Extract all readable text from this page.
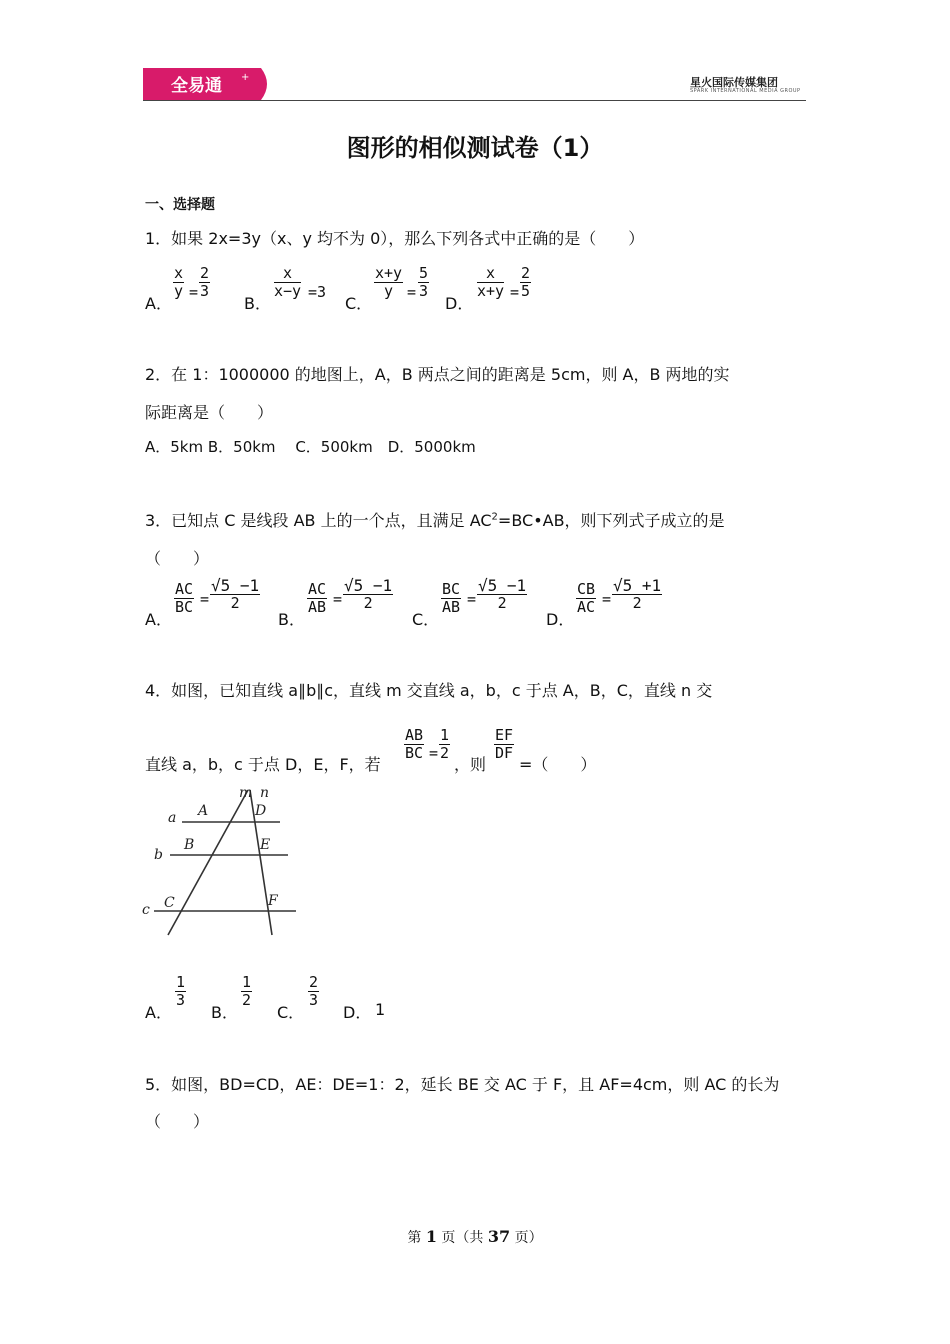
全易通 +	星火国际传媒集团
SPARK INTERNATIONAL MEDIA GROUP
图形的相似测试卷（1）
一、选择题
1．如果 2x=3y（x、y 均不为 0），那么下列各式中正确的是（　　）
A．
$\frac{x}{y} = \frac{2}{3}$
B．
$\frac{x}{x-y} =3$
C．
$\frac{x+y}{y} = \frac{5}{3}$
D．
$\frac{x}{x+y} = \frac{2}{5}$
2．在 1：1000000 的地图上，A，B 两点之间的距离是 5cm，则 A，B 两地的实
际距离是（　　）
A．5km B．50km　 C．500km　D．5000km
3．已知点 C 是线段 AB 上的一个点，且满足 $AC^2=BC•AB$，则下列式子成立的是
（　　）
A．
$\frac{AC}{BC} = \frac{√5 -1}{2}$
B．
$\frac{AC}{AB} = \frac{√5 -1}{2}$
C．
$\frac{BC}{AB} = \frac{√5 -1}{2}$
D．
$\frac{CB}{AC} = \frac{√5 +1}{2}$
4．如图，已知直线 a∥b∥c，直线 m 交直线 a，b，c 于点 A，B，C，直线 n 交
直线 a，b，c 于点 D，E，F，若
$\frac{AB}{BC} = \frac{1}{2}$
，则
$\frac{EF}{DF}$
=（　　）
m n
a
b
c
A
B
C
D
E
F
A．
$\frac{1}{3}$
B．
$\frac{1}{2}$
C．
$\frac{2}{3}$
D． 1
5．如图，BD=CD，AE：DE=1：2，延长 BE 交 AC 于 F，且 AF=4cm，则 AC 的长为
（　　）
第 1 页（共 37 页）
